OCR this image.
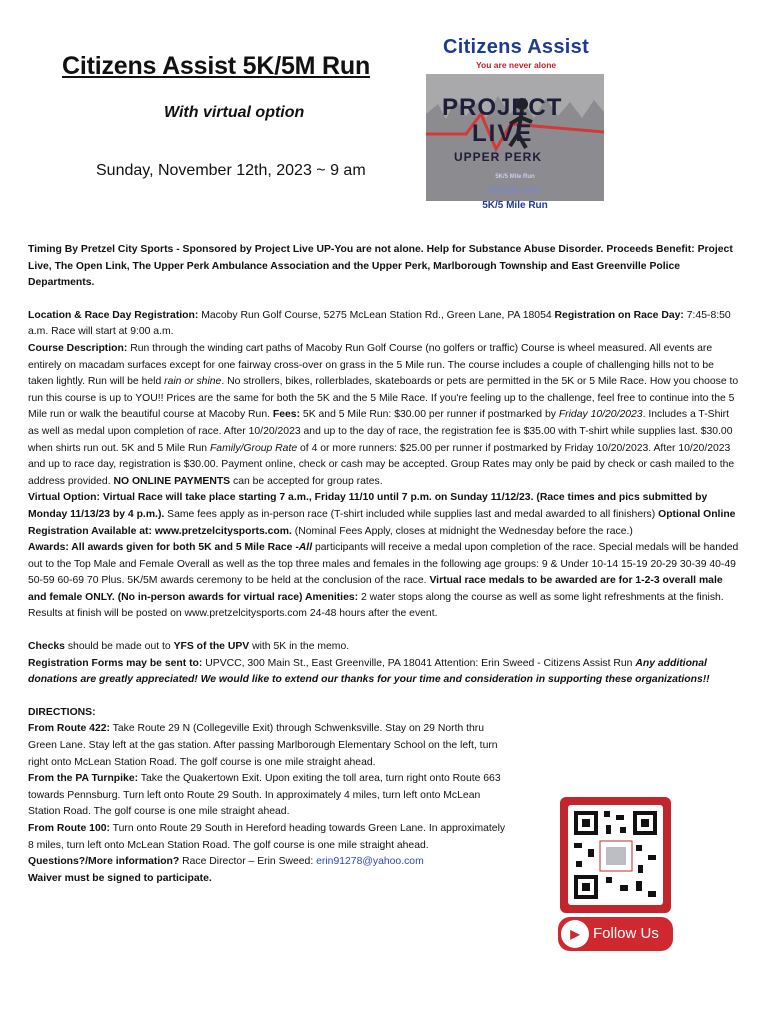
Citizens Assist 5K/5M Run
With virtual option
Sunday, November 12th, 2023 ~ 9 am
Citizens Assist
You are never alone
PROJECT
LIVE
UPPER PERK
5K/5 Mile Run
5K/5 Mile Run
5K/5 Mile Run

Timing By Pretzel City Sports - Sponsored by Project Live UP-You are not alone. Help for Substance Abuse Disorder. Proceeds Benefit: Project Live, The Open Link, The Upper Perk Ambulance Association and the Upper Perk, Marlborough Township and East Greenville Police Departments.

Location & Race Day Registration: Macoby Run Golf Course, 5275 McLean Station Rd., Green Lane, PA 18054 Registration on Race Day: 7:45-8:50 a.m. Race will start at 9:00 a.m.

Course Description: Run through the winding cart paths of Macoby Run Golf Course (no golfers or traffic) Course is wheel measured. All events are entirely on macadam surfaces except for one fairway cross-over on grass in the 5 Mile run. The course includes a couple of challenging hills not to be taken lightly. Run will be held rain or shine. No strollers, bikes, rollerblades, skateboards or pets are permitted in the 5K or 5 Mile Race. How you choose to run this course is up to YOU!! Prices are the same for both the 5K and the 5 Mile Race. If you're feeling up to the challenge, feel free to continue into the 5 Mile run or walk the beautiful course at Macoby Run. Fees: 5K and 5 Mile Run: $30.00 per runner if postmarked by Friday 10/20/2023. Includes a T-Shirt as well as medal upon completion of race. After 10/20/2023 and up to the day of race, the registration fee is $35.00 with T-shirt while supplies last. $30.00 when shirts run out. 5K and 5 Mile Run Family/Group Rate of 4 or more runners: $25.00 per runner if postmarked by Friday 10/20/2023. After 10/20/2023 and up to race day, registration is $30.00. Payment online, check or cash may be accepted. Group Rates may only be paid by check or cash mailed to the address provided. NO ONLINE PAYMENTS can be accepted for group rates.

Virtual Option: Virtual Race will take place starting 7 a.m., Friday 11/10 until 7 p.m. on Sunday 11/12/23. (Race times and pics submitted by Monday 11/13/23 by 4 p.m.). Same fees apply as in-person race (T-shirt included while supplies last and medal awarded to all finishers) Optional Online Registration Available at: www.pretzelcitysports.com. (Nominal Fees Apply, closes at midnight the Wednesday before the race.)

Awards: All awards given for both 5K and 5 Mile Race -All participants will receive a medal upon completion of the race. Special medals will be handed out to the Top Male and Female Overall as well as the top three males and females in the following age groups: 9 & Under 10-14 15-19 20-29 30-39 40-49 50-59 60-69 70 Plus. 5K/5M awards ceremony to be held at the conclusion of the race. Virtual race medals to be awarded are for 1-2-3 overall male and female ONLY. (No in-person awards for virtual race) Amenities: 2 water stops along the course as well as some light refreshments at the finish. Results at finish will be posted on www.pretzelcitysports.com 24-48 hours after the event.

Checks should be made out to YFS of the UPV with 5K in the memo.

Registration Forms may be sent to: UPVCC, 300 Main St., East Greenville, PA 18041 Attention: Erin Sweed - Citizens Assist Run Any additional donations are greatly appreciated! We would like to extend our thanks for your time and consideration in supporting these organizations!!

DIRECTIONS:

From Route 422: Take Route 29 N (Collegeville Exit) through Schwenksville. Stay on 29 North thru Green Lane. Stay left at the gas station. After passing Marlborough Elementary School on the left, turn right onto McLean Station Road. The golf course is one mile straight ahead.

From the PA Turnpike: Take the Quakertown Exit. Upon exiting the toll area, turn right onto Route 663 towards Pennsburg. Turn left onto Route 29 South. In approximately 4 miles, turn left onto McLean Station Road. The golf course is one mile straight ahead.

From Route 100: Turn onto Route 29 South in Hereford heading towards Green Lane. In approximately 8 miles, turn left onto McLean Station Road. The golf course is one mile straight ahead.

Questions?/More information? Race Director – Erin Sweed: erin91278@yahoo.com

Waiver must be signed to participate.

▶ Follow Us
